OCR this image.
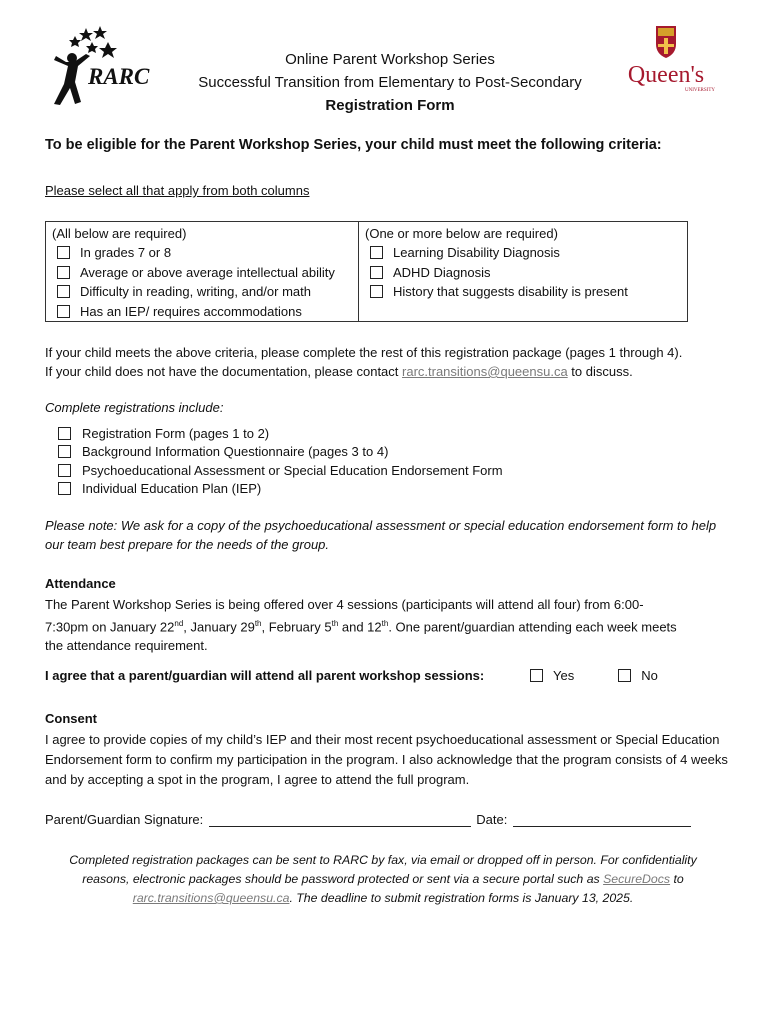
RARC
Online Parent Workshop Series
Successful Transition from Elementary to Post-Secondary
Registration Form
Queen's
UNIVERSITY
To be eligible for the Parent Workshop Series, your child must meet the following criteria:
Please select all that apply from both columns
(All below are required)
In grades 7 or 8
Average or above average intellectual ability
Difficulty in reading, writing, and/or math
Has an IEP/ requires accommodations

(One or more below are required)
Learning Disability Diagnosis
ADHD Diagnosis
History that suggests disability is present
If your child meets the above criteria, please complete the rest of this registration package (pages 1 through 4).
If your child does not have the documentation, please contact rarc.transitions@queensu.ca to discuss.
Complete registrations include:
Registration Form (pages 1 to 2)
Background Information Questionnaire (pages 3 to 4)
Psychoeducational Assessment or Special Education Endorsement Form
Individual Education Plan (IEP)
Please note: We ask for a copy of the psychoeducational assessment or special education endorsement form to help our team best prepare for the needs of the group.
Attendance
The Parent Workshop Series is being offered over 4 sessions (participants will attend all four) from 6:00-
7:30pm on January 22nd, January 29th, February 5th and 12th. One parent/guardian attending each week meets
the attendance requirement.
I agree that a parent/guardian will attend all parent workshop sessions:	Yes	No
Consent
I agree to provide copies of my child’s IEP and their most recent psychoeducational assessment or Special Education Endorsement form to confirm my participation in the program. I also acknowledge that the program consists of 4 weeks and by accepting a spot in the program, I agree to attend the full program.
Parent/Guardian Signature:	Date:
Completed registration packages can be sent to RARC by fax, via email or dropped off in person. For confidentiality reasons, electronic packages should be password protected or sent via a secure portal such as SecureDocs to rarc.transitions@queensu.ca. The deadline to submit registration forms is January 13, 2025.
